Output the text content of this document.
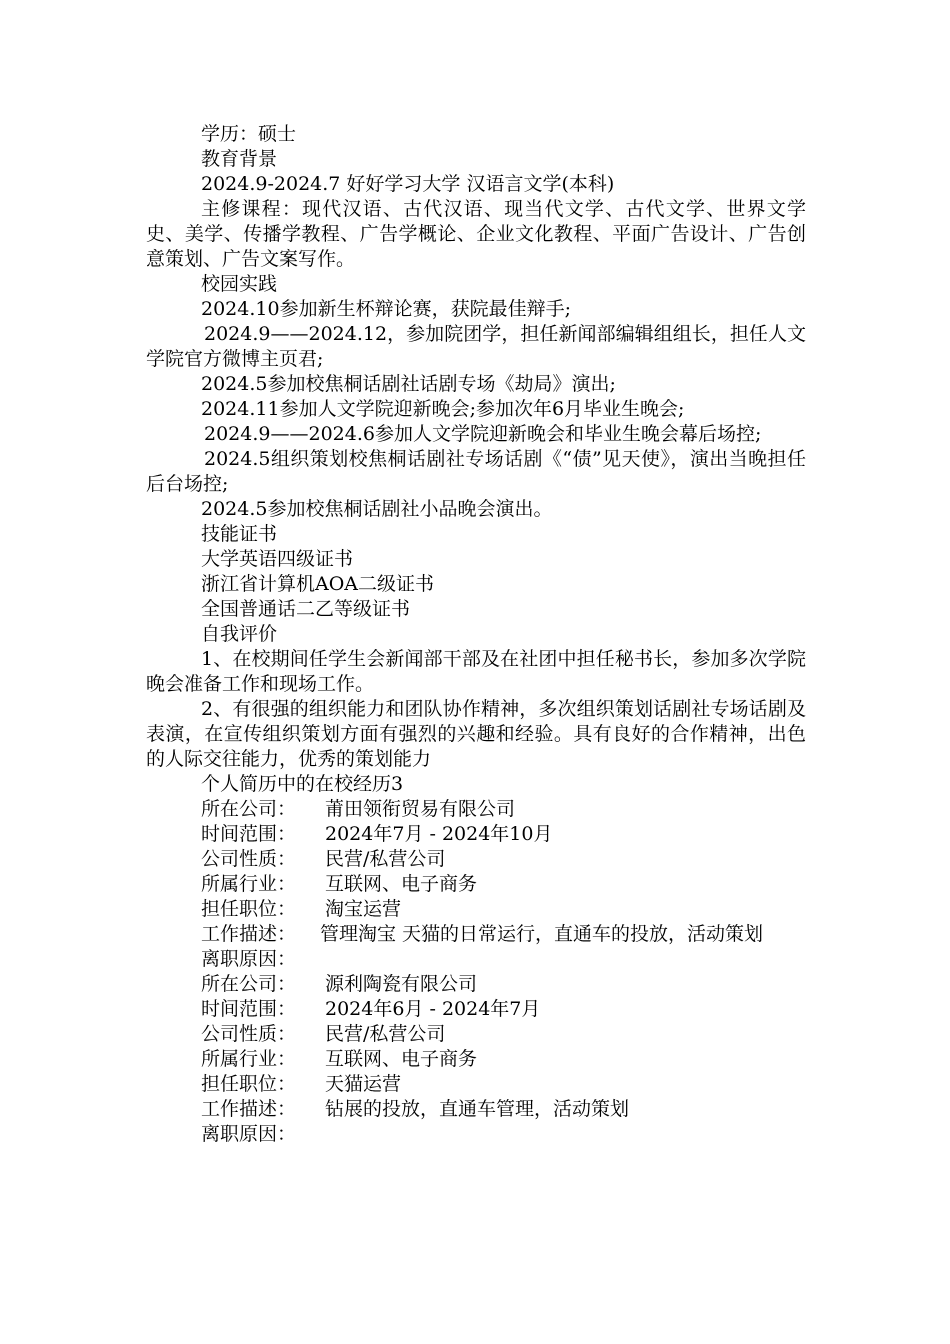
学历：硕士

教育背景

2024.9-2024.7 好好学习大学 汉语言文学(本科)

主修课程：现代汉语、古代汉语、现当代文学、古代文学、世界文学史、美学、传播学教程、广告学概论、企业文化教程、平面广告设计、广告创意策划、广告文案写作。

校园实践

2024.10参加新生杯辩论赛，获院最佳辩手;

2024.9——2024.12，参加院团学，担任新闻部编辑组组长，担任人文学院官方微博主页君;

2024.5参加校焦桐话剧社话剧专场《劫局》演出;

2024.11参加人文学院迎新晚会;参加次年6月毕业生晚会;

2024.9——2024.6参加人文学院迎新晚会和毕业生晚会幕后场控;

2024.5组织策划校焦桐话剧社专场话剧《“债”见天使》，演出当晚担任后台场控;

2024.5参加校焦桐话剧社小品晚会演出。

技能证书

大学英语四级证书

浙江省计算机AOA二级证书

全国普通话二乙等级证书

自我评价

1、在校期间任学生会新闻部干部及在社团中担任秘书长，参加多次学院晚会准备工作和现场工作。

2、有很强的组织能力和团队协作精神，多次组织策划话剧社专场话剧及表演，在宣传组织策划方面有强烈的兴趣和经验。具有良好的合作精神，出色的人际交往能力，优秀的策划能力

个人简历中的在校经历3

所在公司：	莆田领衔贸易有限公司
时间范围：	2024年7月 - 2024年10月
公司性质：	民营/私营公司
所属行业：	互联网、电子商务
担任职位：	淘宝运营
工作描述： 管理淘宝 天猫的日常运行，直通车的投放，活动策划
离职原因：
所在公司：	源利陶瓷有限公司
时间范围：	2024年6月 - 2024年7月
公司性质：	民营/私营公司
所属行业：	互联网、电子商务
担任职位：	天猫运营
工作描述：	钻展的投放，直通车管理，活动策划
离职原因：
